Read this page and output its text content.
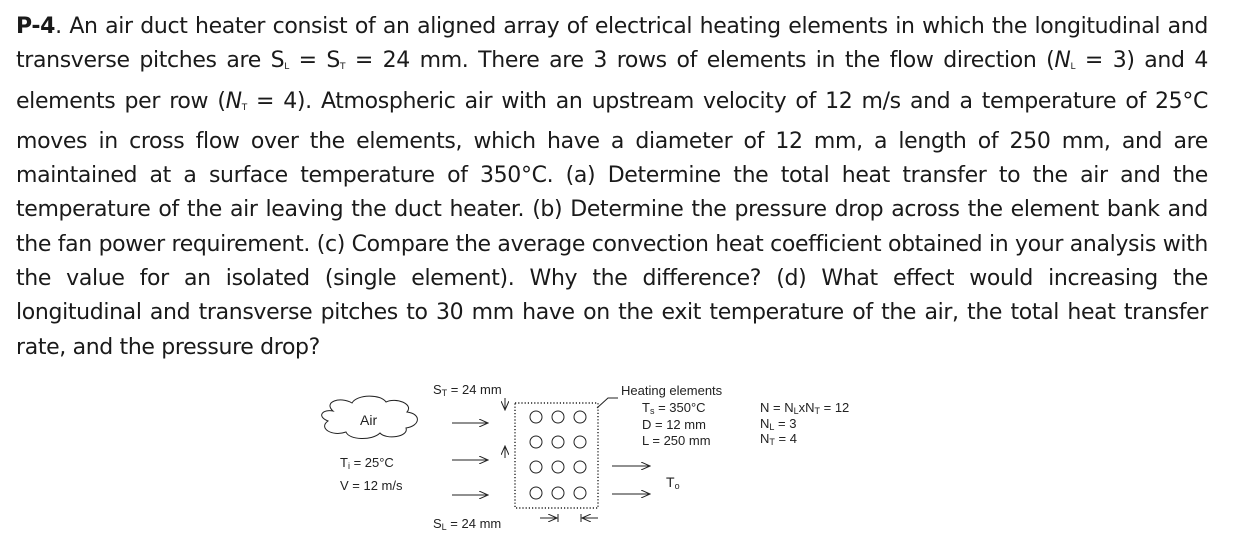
P-4. An air duct heater consist of an aligned array of electrical heating elements in which the longitudinal and transverse pitches are $S_L = S_T = 24$ mm. There are 3 rows of elements in the flow direction $(N_L = 3)$ and 4 elements per row $(N_T = 4)$. Atmospheric air with an upstream velocity of 12 m/s and a temperature of 25°C moves in cross flow over the elements, which have a diameter of 12 mm, a length of 250 mm, and are maintained at a surface temperature of 350°C. (a) Determine the total heat transfer to the air and the temperature of the air leaving the duct heater. (b) Determine the pressure drop across the element bank and the fan power requirement. (c) Compare the average convection heat coefficient obtained in your analysis with the value for an isolated (single element). Why the difference? (d) What effect would increasing the longitudinal and transverse pitches to 30 mm have on the exit temperature of the air, the total heat transfer rate, and the pressure drop?
Air
$T_i = 25^\circ C$
V = 12 m/s
$S_T = 24$ mm
$S_L = 24$ mm
Heating elements
$T_s = 350^\circ C$
D = 12 mm
L = 250 mm
$T_o$
$N = N_LxN_T = 12$
$N_L = 3$
$N_T = 4$
